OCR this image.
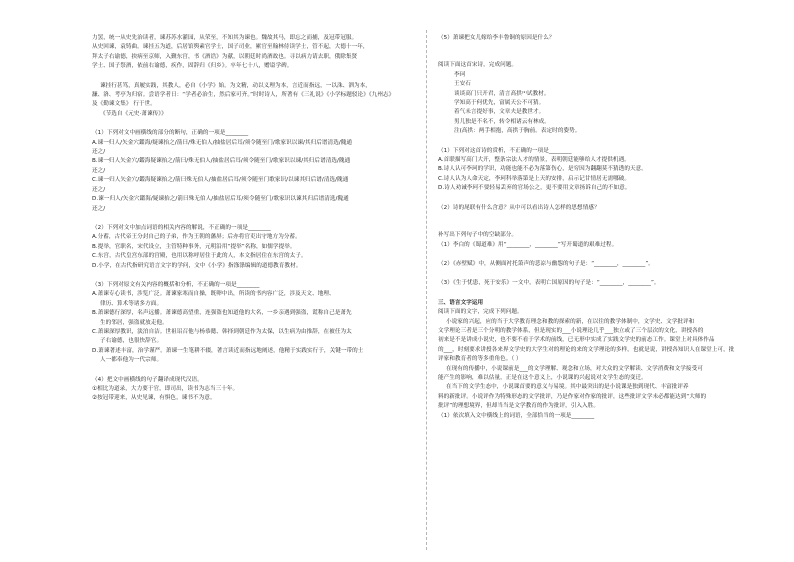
力罢，统一从史先治读者，谏苏苏水灌园，从荣至，不知其为谏也。魏故其马，即忘之而捕，及冠带冠服。
从史回谏，袁铸曲。谏挂五为道，后居馆舆素官学士，国子司业，累官至翰林侍读学士，管不起，大德十一年，
拜太子右谕德，抉病至京师，入觐东宫，书《酒诰》为献，以朝廷时尚酒故也。寻以病力请去职，俄除集贤
学士、国子祭酒，依前右谕德，疾作，固辞归《归乡》。卒年七十八，赠谥学碑。
谏挂行甚笃，真履实践，其教人，必自《小学》始。为文精，动以义理为本，言近而指远，一以洙、泗为本，
濂、洛、考亭为归宿。尝语学者日：“学者必治生，然后家可齐。”时时诗人，所著有《三礼说》《小学标题驳论》《九州志》
及《勤谏文集》 行于世。
《节选自《元史·萧谏传》》
（1）下列对文中画横线的部分的断句，正确的一项是________
A.谏一归人/矢金穴鑑海/疑谏抬之/箭曰/殊无伯人/抽盐居后耳/须令随至门/歌家识以谏/其归后谱清选/隗通
还之/
B.谏一归人矢金穴/鑑海疑谏抬之/箭曰/殊无伯人/抽盐居后耳/须令随至门/歌家识以谏/其归后谱清选/隗通
还之/
C.谏一归人矢金穴/鑑海疑谏抬之/箭曰殊无伯人/抽盐居后耳/须令随至门歌家识/以谏其归后谱/清选/隗通
还之/
D.谏一归人/矢金穴鑑海/疑谏抬之/箭曰殊无伯人/抽盐居后耳/须令随至门/歌家识以谏其归后谱清选/隗通
还之/
（2）下列对文中加点词语的相关内容的解说，不正确的一项是________
A.分蓄，古代帝王分封自己的子弟，作为王朝的藩屏；后亦将官吏出守地方为分蓄。
B.提举，官职名，宋代设立，主管特种事务，元明沿用“提举”名称，如儒学提举。
C.东宫，古代皇宫东部的宫殿，也用以称呼居住于此的人，本文指居住在东宫的太子。
D.小学，在古代指研究语言文字的学问，文中《小学》指涤涤编辑的道德教育教材。
（3）下列对原文有关内容的概括和分析，不正确的一项是________
A.萧谏专心读书，涉览广泛。萧谏家寒而自操，既卵中出，所读的书内容广泛，涉及天文、地理、
律历、算术等诸多方面。
B.萧谏德行深厚，名声远播。萧谏德高望重，连强盗也知道他的大名，一乡亲遇到强盗，谎称自己是萧先
生的邻居，强盗就放走他。
C.萧谏深厚教识，淡泊自洁。世祖诏召他与杨恭懿、韩择到朝廷作为太保，以生病为由推辞，在被任为太
子右谕德，也很快辞官。
D.萧谏著述丰富，治学谨严。萧谏一生笔耕不辍，著言读近而指远地阐述，他精于实践实行于，关键一带的士
人一都奉他为一代宗师。
（4）把文中画横线的句子翻译成现代汉语。
①相比为道录，大力要于官，即司出，读书为志当三十年。
②按冠带迎来，从史见谏，有惧色，谏书不为意。
（5）萧谏把女儿嫁给李丰鲁铜的原因是什么？
阅读下面这首宋诗，完成问题。
李珂
王安石
谈谈高门只开君，清言高拱⁽¹⁾试教材。
学知高于何优先，富属天公不可猜。
着气未言提好事，文章夫是教世才。
男儿独是不名不，转令相诸云有林成。
注(高拱：两手相抱，高拱于胸前。表定时的姿势。
（1）下列对这首诗的赏析，不正确的一项是________
A.首联描写高门大开，整条宗法人才的情景，表明朝廷能够给人才提供机遇。
B.诗人认可李珂的学识，功能也能不必为落第伤心，是穷因为翻翻莫不猜透的天意。
C.诗人认为人命天定，李珂科举落第是上天的安排，启示记甘情居无需哪破。
D.诗人劝诫李珂不要轻易丢弃的官场公之，更不要用文章扬诉自己的不如意。
（2）诗的尾联有什么含意？从中可以看出诗人怎样的思想情感？
补写出下列句子中的空缺部分。
（1）李白的《蜀道难》用“________，________”写开蜀道的艰难过程。
（2）《赤壁赋》中，从侧面衬托箫声的悲凉与幽怨的句子是：“________，________”。
（3）《生于忧患，死于安乐》一文中，表明亡国原因的句子是：“________，________”。
三、语言文字运用
阅读下面的文字，完成下列问题。
小说家的兴起，应的当于大学教育理念和教的探索的新，在以往的教学体制中，文学史、文学批评和
文学理论三者是三个分明的教学体系，但是现实的___小说理论几乎___独立或了三个层次的文化，讲授各的
初来是不是讲成小说史，也不要不看于学术的前线，已无形中实成了实践文学史的前态工作。课堂上对具体作品
的___，时刻要求讲授各来界文学史的大学生对的理论的来的文学理论的多样，也就是说，讲授各知识人在课堂上可，批
评家和教育者的等多重角色。（ ）
在现有的传播中，小说课前是___的文学理解、观念和立场，对大众的文学解读、文学消费和文学接受可
能产生的影响，难以估量，正是在这个意义上，小说课的兴起说对文学生态的变迁。
在当下的文学生态中，小说课首要的意义与易境。其中最突出的是小说课是独到现代、丰富批评养
料的新批评。小说评作为特殊形态的文学批评，乃是作家对作家的批评，这些批评文学未必都能达到“大师的
批评”的理想境界，但却当当是文学教育的作为批评，引入入胜。
（1）依次填入文中横线上的词语，全部恰当的一项是________
